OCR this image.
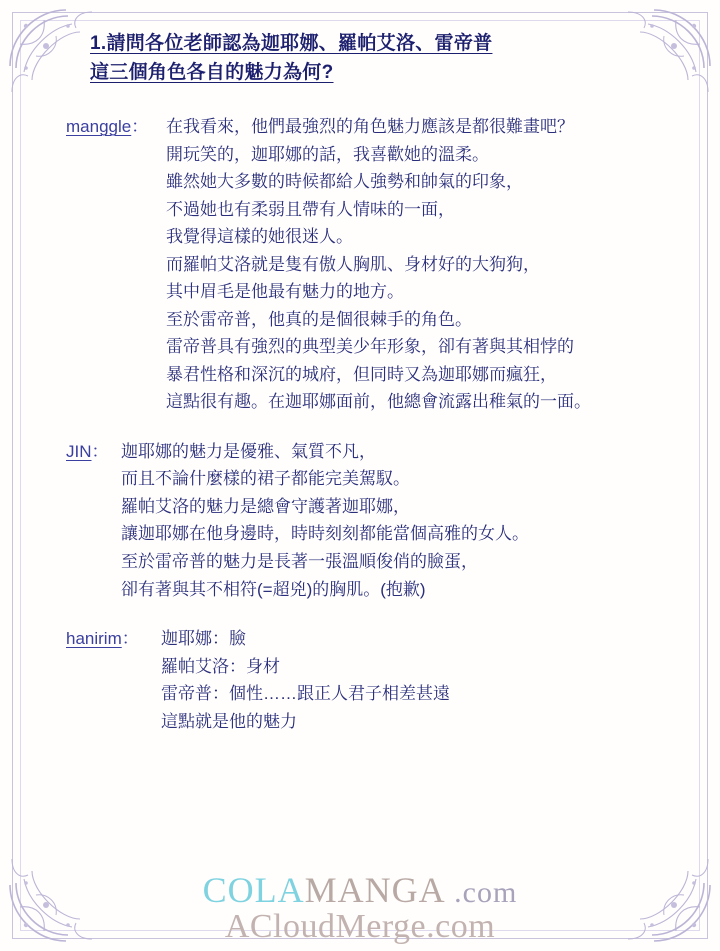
1.請問各位老師認為迦耶娜、羅帕艾洛、雷帝普
這三個角色各自的魅力為何?
manggle：	在我看來，他們最強烈的角色魅力應該是都很難畫吧？
開玩笑的，迦耶娜的話，我喜歡她的溫柔。
雖然她大多數的時候都給人強勢和帥氣的印象，
不過她也有柔弱且帶有人情味的一面，
我覺得這樣的她很迷人。
而羅帕艾洛就是隻有傲人胸肌、身材好的大狗狗，
其中眉毛是他最有魅力的地方。
至於雷帝普，他真的是個很棘手的角色。
雷帝普具有強烈的典型美少年形象，卻有著與其相悖的
暴君性格和深沉的城府，但同時又為迦耶娜而瘋狂，
這點很有趣。在迦耶娜面前，他總會流露出稚氣的一面。
JIN： 迦耶娜的魅力是優雅、氣質不凡，
而且不論什麼樣的裙子都能完美駕馭。
羅帕艾洛的魅力是總會守護著迦耶娜，
讓迦耶娜在他身邊時，時時刻刻都能當個高雅的女人。
至於雷帝普的魅力是長著一張溫順俊俏的臉蛋，
卻有著與其不相符(=超兇)的胸肌。(抱歉)
hanirim：	迦耶娜：臉
羅帕艾洛：身材
雷帝普：個性……跟正人君子相差甚遠
這點就是他的魅力
COLAMANGA .com
ACloudMerge.com
